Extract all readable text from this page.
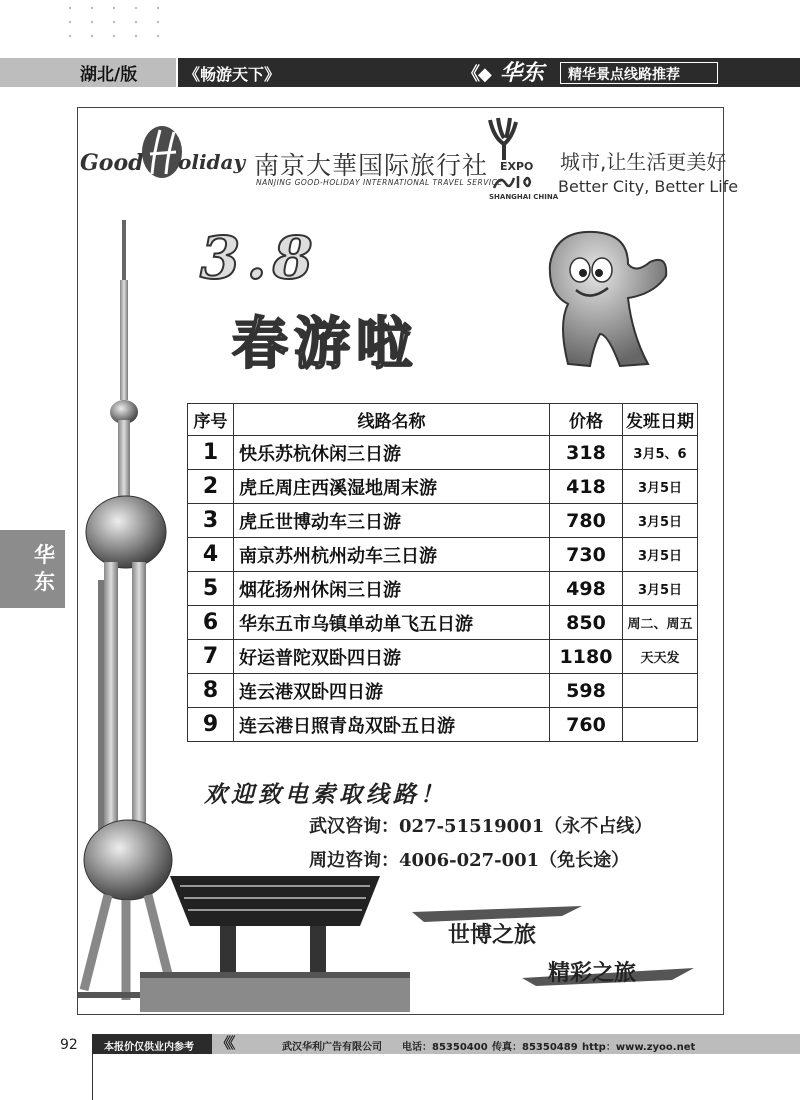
湖北/版	《畅游天下》	《◆ 华东 精华景点线路推荐
华东
Good oliday 南京大華国际旅行社
NANJING GOOD-HOLIDAY INTERNATIONAL TRAVEL SERVICE
EXPO
SHANGHAI CHINA
城市,让生活更美好
Better City, Better Life
3.8
春游啦
序号	线路名称	价格	发班日期
1	快乐苏杭休闲三日游	318	3月5、6
2	虎丘周庄西溪湿地周末游	418	3月5日
3	虎丘世博动车三日游	780	3月5日
4	南京苏州杭州动车三日游	730	3月5日
5	烟花扬州休闲三日游	498	3月5日
6	华东五市乌镇单动单飞五日游	850	周二、周五
7	好运普陀双卧四日游	1180	天天发
8	连云港双卧四日游	598	
9	连云港日照青岛双卧五日游	760	
欢迎致电索取线路！
武汉咨询：027-51519001（永不占线）
周边咨询：4006-027-001（免长途）
世博之旅
精彩之旅
92	本报价仅供业内参考 《《	武汉华利广告有限公司 电话：85350400 传真：85350489 http：www.zyoo.net
